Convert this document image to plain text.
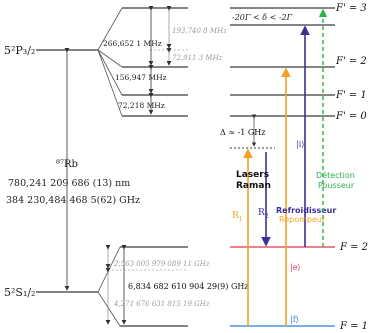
5²P₃/₂
266,652 1 MHz
156,947 MHz
72,218 MHz
193,740 8 MHz
72,911 3 MHz
⁸⁷Rb
780,241 209 686 (13) nm
384 230,484 468 5(62) GHz
5²S₁/₂
2,563 005 979 089 11 GHz
6,834 682 610 904 29(9) GHz
4,271 676 631 815 19 GHz
F' = 3
F' = 2
F' = 1
F' = 0
F = 2
F = 1
-20Γ < δ < -2Γ
Δ ≈ -1 GHz
Lasers
Raman
$R_1$
$R_2$
|i⟩
|e⟩
|f⟩
Refroidisseur
Repompeur
Détection
Pousseur
